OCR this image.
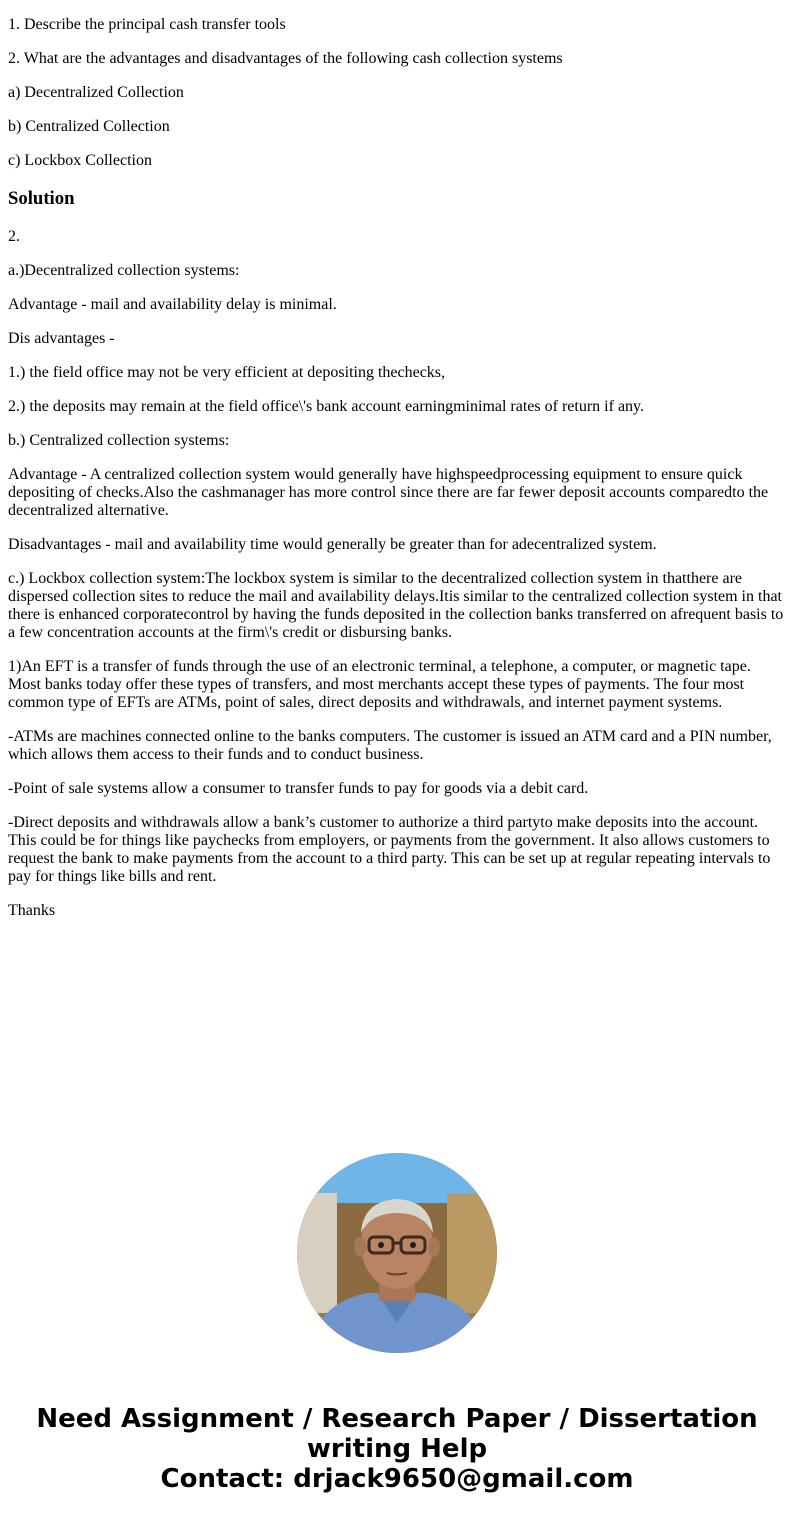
1. Describe the principal cash transfer tools

2. What are the advantages and disadvantages of the following cash collection systems

a) Decentralized Collection

b) Centralized Collection

c) Lockbox Collection

Solution

2.

a.)Decentralized collection systems:

Advantage - mail and availability delay is minimal.

Dis advantages -

1.) the field office may not be very efficient at depositing thechecks,

2.) the deposits may remain at the field office\'s bank account earningminimal rates of return if any.

b.) Centralized collection systems:

Advantage - A centralized collection system would generally have highspeedprocessing equipment to ensure quick depositing of checks.Also the cashmanager has more control since there are far fewer deposit accounts comparedto the decentralized alternative.

Disadvantages - mail and availability time would generally be greater than for adecentralized system.

c.) Lockbox collection system:The lockbox system is similar to the decentralized collection system in thatthere are dispersed collection sites to reduce the mail and availability delays.Itis similar to the centralized collection system in that there is enhanced corporatecontrol by having the funds deposited in the collection banks transferred on afrequent basis to a few concentration accounts at the firm\'s credit or disbursing banks.

1)An EFT is a transfer of funds through the use of an electronic terminal, a telephone, a computer, or magnetic tape. Most banks today offer these types of transfers, and most merchants accept these types of payments. The four most common type of EFTs are ATMs, point of sales, direct deposits and withdrawals, and internet payment systems.

-ATMs are machines connected online to the banks computers. The customer is issued an ATM card and a PIN number, which allows them access to their funds and to conduct business.

-Point of sale systems allow a consumer to transfer funds to pay for goods via a debit card.

-Direct deposits and withdrawals allow a bank’s customer to authorize a third partyto make deposits into the account. This could be for things like paychecks from employers, or payments from the government. It also allows customers to request the bank to make payments from the account to a third party. This can be set up at regular repeating intervals to pay for things like bills and rent.

Thanks

Need Assignment / Research Paper / Dissertation
writing Help
Contact: drjack9650@gmail.com
